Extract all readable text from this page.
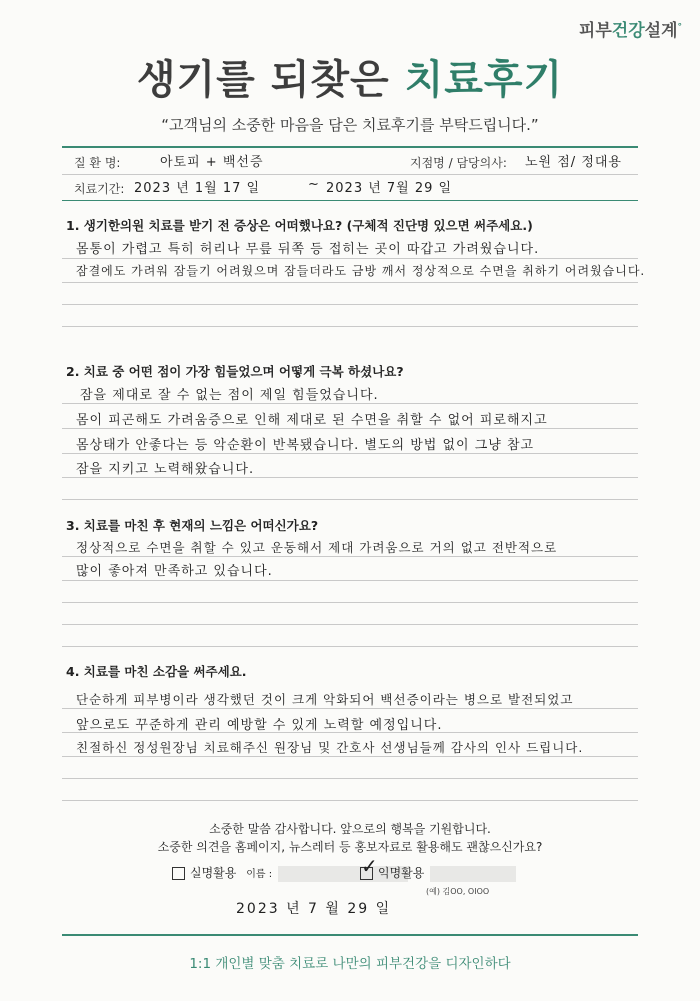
피부건강설계°
생기를 되찾은 치료후기
“고객님의 소중한 마음을 담은 치료후기를 부탁드립니다.”
질 환 명:	아토피 + 백선증	지점명 / 담당의사: 노원 점/ 정대용
치료기간: 2023 년 1월 17 일	~ 2023 년 7월 29 일
1. 생기한의원 치료를 받기 전 증상은 어떠했나요? (구체적 진단명 있으면 써주세요.)
몸통이 가렵고 특히 허리나 무릎 뒤쪽 등 접히는 곳이 따갑고 가려웠습니다.
잠결에도 가려워 잠들기 어려웠으며 잠들더라도 금방 깨서 정상적으로 수면을 취하기 어려웠습니다.
2. 치료 중 어떤 점이 가장 힘들었으며 어떻게 극복 하셨나요?
잠을 제대로 잘 수 없는 점이 제일 힘들었습니다.
몸이 피곤해도 가려움증으로 인해 제대로 된 수면을 취할 수 없어 피로해지고
몸상태가 안좋다는 등 악순환이 반복됐습니다. 별도의 방법 없이 그냥 참고
잠을 지키고 노력해왔습니다.
3. 치료를 마친 후 현재의 느낌은 어떠신가요?
정상적으로 수면을 취할 수 있고 운동해서 제대 가려움으로 거의 없고 전반적으로
많이 좋아져 만족하고 있습니다.
4. 치료를 마친 소감을 써주세요.
단순하게 피부병이라 생각했던 것이 크게 악화되어 백선증이라는 병으로 발전되었고
앞으로도 꾸준하게 관리 예방할 수 있게 노력할 예정입니다.
친절하신 정성원장님 치료해주신 원장님 및 간호사 선생님들께 감사의 인사 드립니다.
소중한 말씀 감사합니다. 앞으로의 행복을 기원합니다.
소중한 의견을 홈페이지, 뉴스레터 등 홍보자료로 활용해도 괜찮으신가요?
실명활용 이름 :	✓ 익명활용
(예) 김OO, OIOO
2023 년 7 월 29 일
1:1 개인별 맞춤 치료로 나만의 피부건강을 디자인하다
